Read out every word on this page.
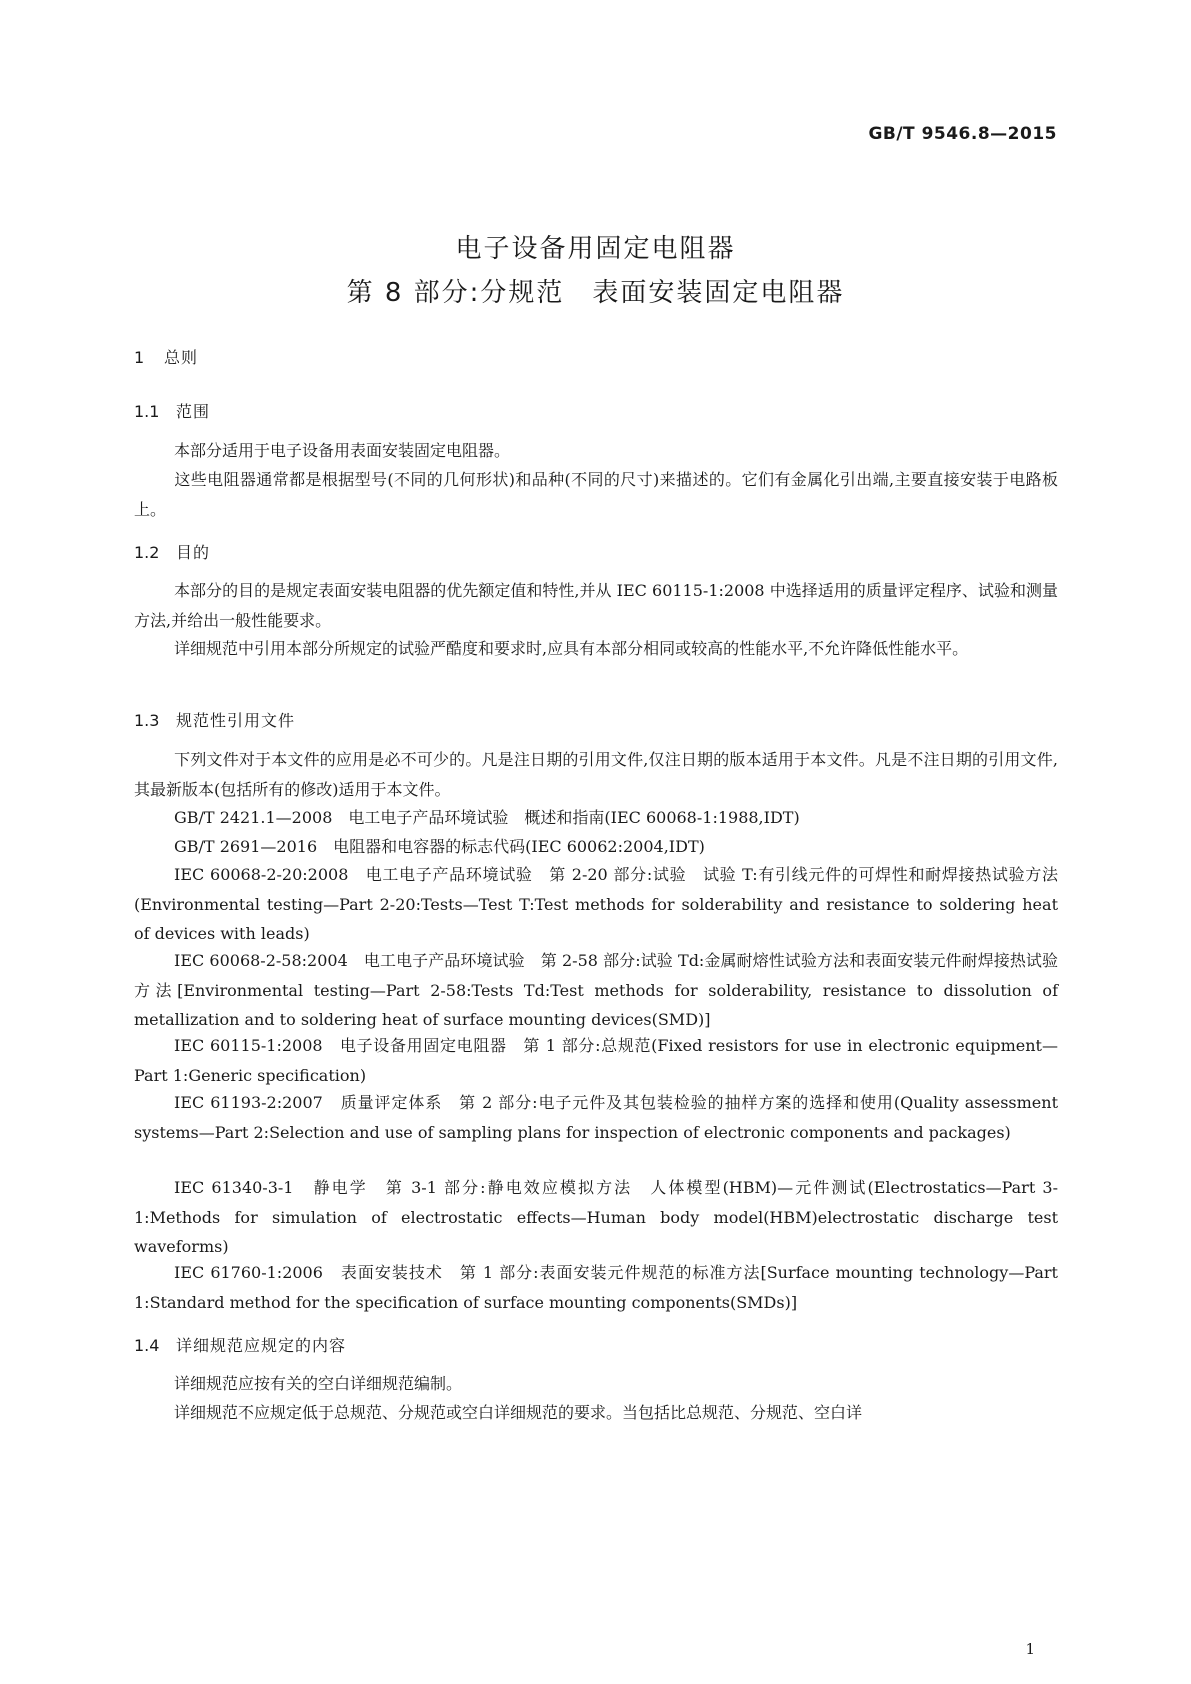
GB/T 9546.8—2015
电子设备用固定电阻器
第 8 部分:分规范　表面安装固定电阻器
1 总则
1.1 范围
本部分适用于电子设备用表面安装固定电阻器。
这些电阻器通常都是根据型号(不同的几何形状)和品种(不同的尺寸)来描述的。它们有金属化引出端,主要直接安装于电路板上。
1.2 目的
本部分的目的是规定表面安装电阻器的优先额定值和特性,并从 IEC 60115-1:2008 中选择适用的质量评定程序、试验和测量方法,并给出一般性能要求。
详细规范中引用本部分所规定的试验严酷度和要求时,应具有本部分相同或较高的性能水平,不允许降低性能水平。
1.3 规范性引用文件
下列文件对于本文件的应用是必不可少的。凡是注日期的引用文件,仅注日期的版本适用于本文件。凡是不注日期的引用文件,其最新版本(包括所有的修改)适用于本文件。
GB/T 2421.1—2008　电工电子产品环境试验　概述和指南(IEC 60068-1:1988,IDT)
GB/T 2691—2016　电阻器和电容器的标志代码(IEC 60062:2004,IDT)
IEC 60068-2-20:2008　电工电子产品环境试验　第 2-20 部分:试验　试验 T:有引线元件的可焊性和耐焊接热试验方法(Environmental testing—Part 2-20:Tests—Test T:Test methods for solderability and resistance to soldering heat of devices with leads)
IEC 60068-2-58:2004　电工电子产品环境试验　第 2-58 部分:试验 Td:金属耐熔性试验方法和表面安装元件耐焊接热试验方法[Environmental testing—Part 2-58:Tests Td:Test methods for solderability, resistance to dissolution of metallization and to soldering heat of surface mounting devices(SMD)]
IEC 60115-1:2008　电子设备用固定电阻器　第 1 部分:总规范(Fixed resistors for use in electronic equipment—Part 1:Generic specification)
IEC 61193-2:2007　质量评定体系　第 2 部分:电子元件及其包装检验的抽样方案的选择和使用(Quality assessment systems—Part 2:Selection and use of sampling plans for inspection of electronic components and packages)
IEC 61340-3-1　静电学　第 3-1 部分:静电效应模拟方法　人体模型(HBM)—元件测试(Electrostatics—Part 3-1:Methods for simulation of electrostatic effects—Human body model(HBM)electrostatic discharge test waveforms)
IEC 61760-1:2006　表面安装技术　第 1 部分:表面安装元件规范的标准方法[Surface mounting technology—Part 1:Standard method for the specification of surface mounting components(SMDs)]
1.4 详细规范应规定的内容
详细规范应按有关的空白详细规范编制。
详细规范不应规定低于总规范、分规范或空白详细规范的要求。当包括比总规范、分规范、空白详
1
